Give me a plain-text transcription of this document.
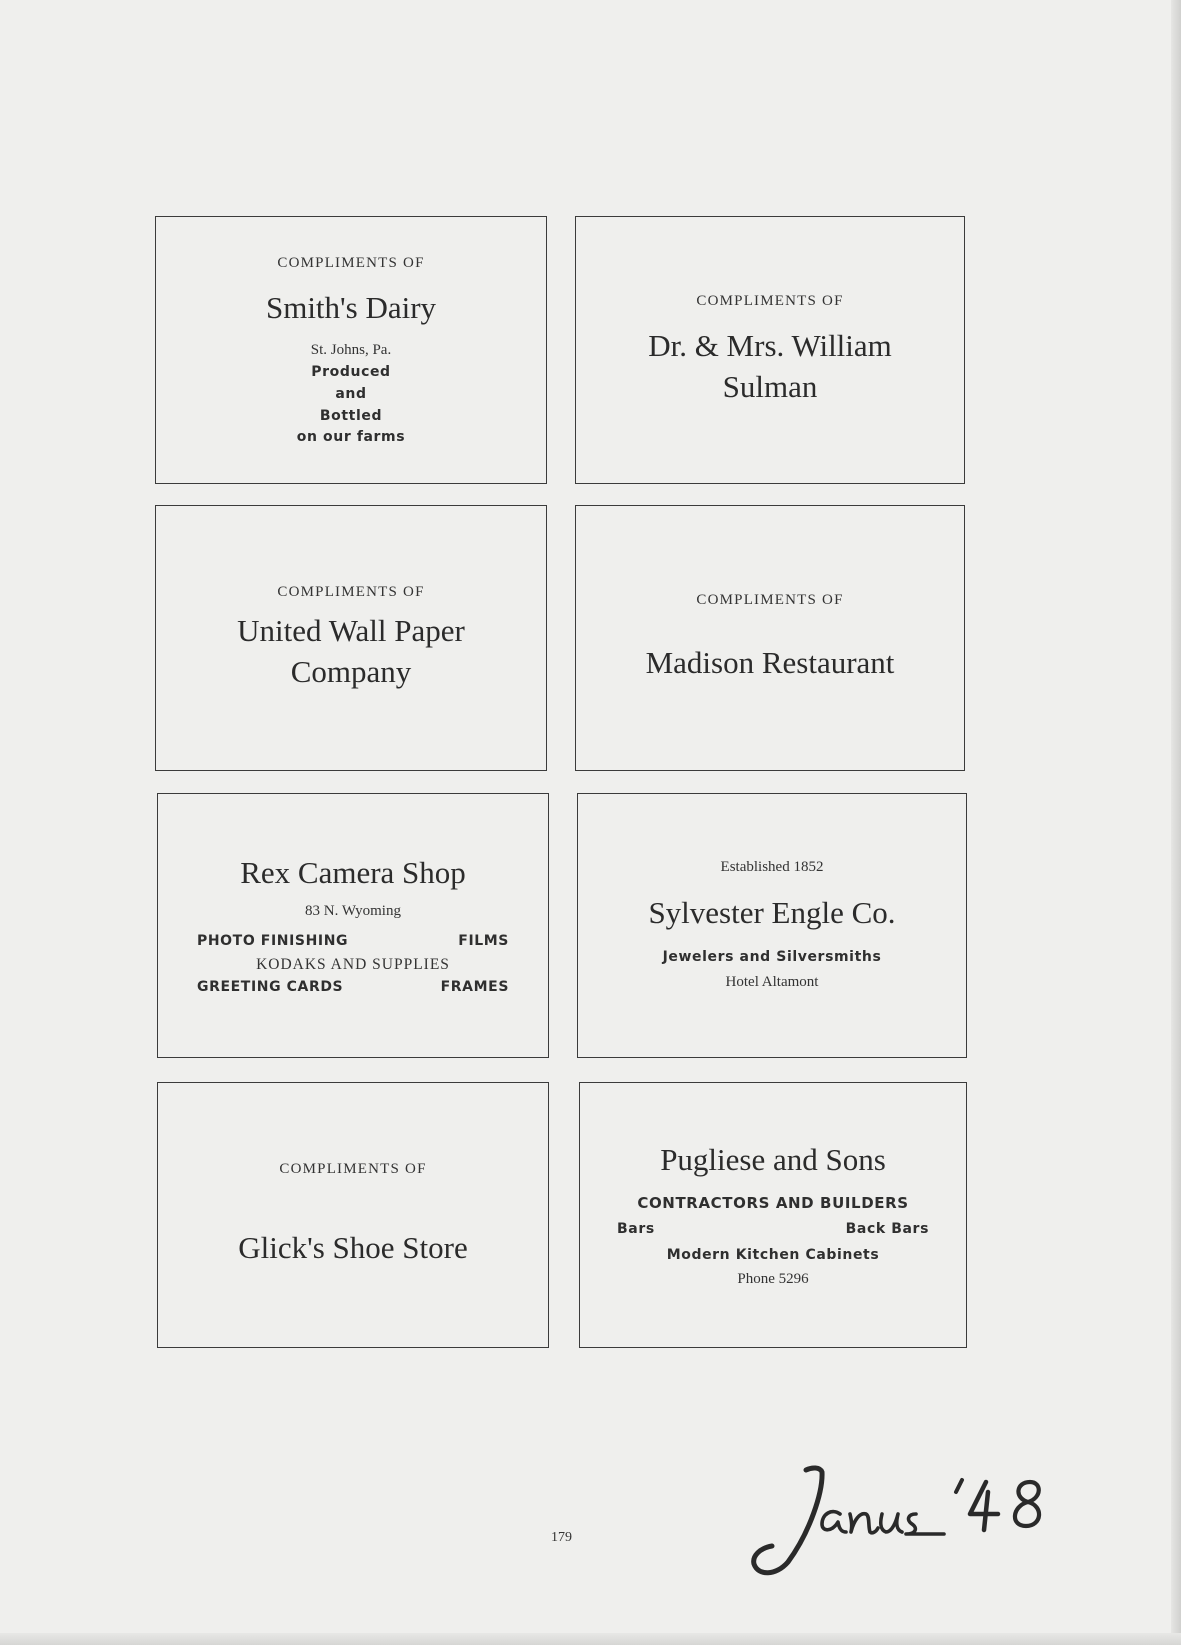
COMPLIMENTS OF
Smith's Dairy
St. Johns, Pa.
Produced
and
Bottled
on our farms
COMPLIMENTS OF
Dr. & Mrs. William
Sulman
COMPLIMENTS OF
United Wall Paper
Company
COMPLIMENTS OF
Madison Restaurant
Rex Camera Shop
83 N. Wyoming
PHOTO FINISHING	FILMS
KODAKS AND SUPPLIES
GREETING CARDS	FRAMES
Established 1852
Sylvester Engle Co.
Jewelers and Silversmiths
Hotel Altamont
COMPLIMENTS OF
Glick's Shoe Store
Pugliese and Sons
CONTRACTORS AND BUILDERS
Bars	Back Bars
Modern Kitchen Cabinets
Phone 5296
179
